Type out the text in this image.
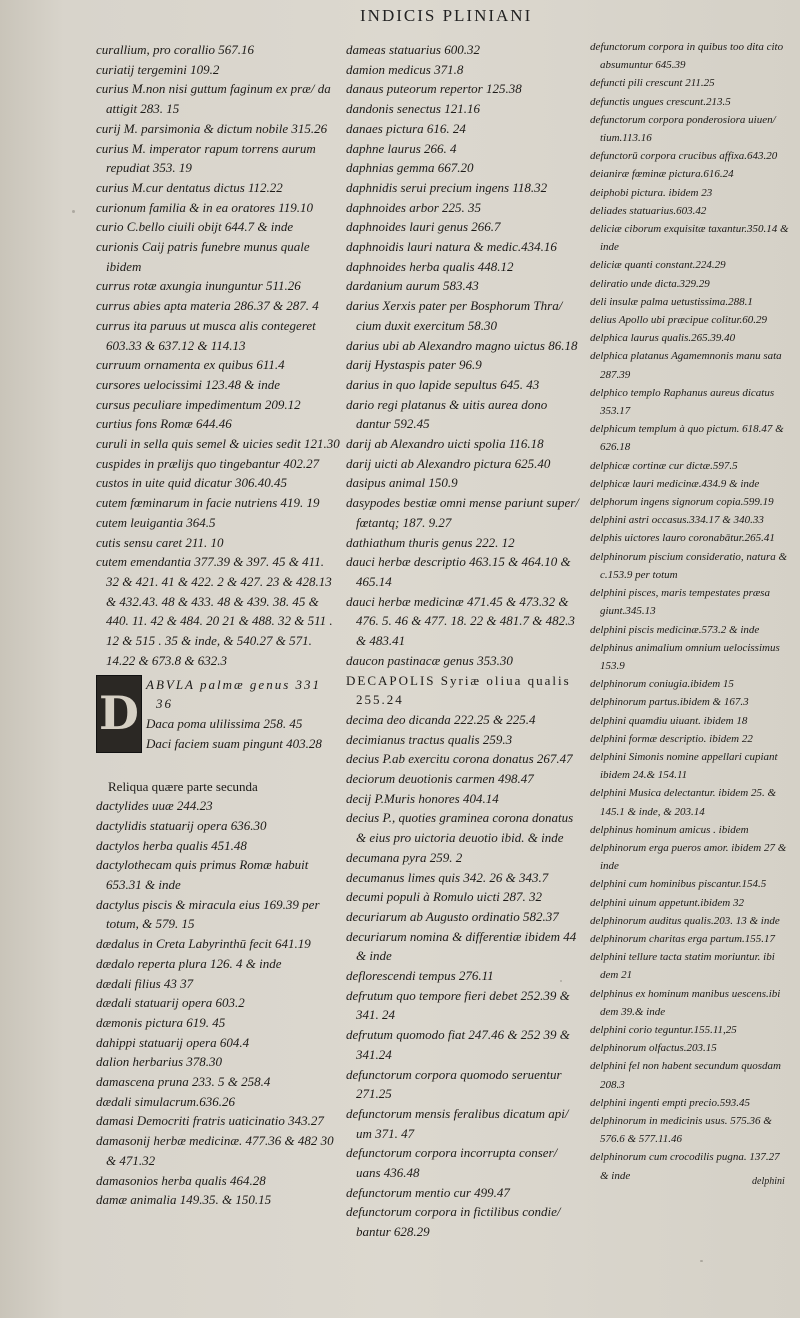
INDICIS PLINIANI
curallium, pro corallio 567.16
curiatij tergemini 109.2
curius M.non nisi guttum faginum ex præ/ da attigit 283. 15
curij M. parsimonia & dictum nobile 315.26
curius M. imperator rapum torrens aurum repudiat 353. 19
curius M.cur dentatus dictus 112.22
curionum familia & in ea oratores 119.10
curio C.bello ciuili obijt 644.7 & inde
curionis Caij patris funebre munus quale ibidem
currus rotæ axungia inunguntur 511.26
currus abies apta materia 286.37 & 287. 4
currus ita paruus ut musca alis contegeret 603.33 & 637.12 & 114.13
curruum ornamenta ex quibus 611.4
cursores uelocissimi 123.48 & inde
cursus peculiare impedimentum 209.12
curtius fons Romæ 644.46
curuli in sella quis semel & uicies sedit 121.30
cuspides in prælijs quo tingebantur 402.27
custos in uite quid dicatur 306.40.45
cutem fœminarum in facie nutriens 419. 19
cutem leuigantia 364.5
cutis sensu caret 211. 10
cutem emendantia 377.39 & 397. 45 & 411. 32 & 421. 41 & 422. 2 & 427. 23 & 428.13 & 432.43. 48 & 433. 48 & 439. 38. 45 & 440. 11. 42 & 484. 20 21 & 488. 32 & 511 . 12 & 515 . 35 & inde, & 540.27 & 571. 14.22 & 673.8 & 632.3
D
ABVLA palmæ genus 331 36
Daca poma ulilissima 258. 45
Daci faciem suam pingunt 403.28
Reliqua quære parte secunda
dactylides uuæ 244.23
dactylidis statuarij opera 636.30
dactylos herba qualis 451.48
dactylothecam quis primus Romæ habuit 653.31 & inde
dactylus piscis & miracula eius 169.39 per totum, & 579. 15
dædalus in Creta Labyrinthū fecit 641.19
dædalo reperta plura 126. 4 & inde
dædali filius 43 37
dædali statuarij opera 603.2
dæmonis pictura 619. 45
dahippi statuarij opera 604.4
dalion herbarius 378.30
damascena pruna 233. 5 & 258.4
dædali simulacrum.636.26
damasi Democriti fratris uaticinatio 343.27
damasonij herbæ medicinæ. 477.36 & 482 30 & 471.32
damasonios herba qualis 464.28
damæ animalia 149.35. & 150.15
dameas statuarius 600.32
damion medicus 371.8
danaus puteorum repertor 125.38
dandonis senectus 121.16
danaes pictura 616. 24
daphne laurus 266. 4
daphnias gemma 667.20
daphnidis serui precium ingens 118.32
daphnoides arbor 225. 35
daphnoides lauri genus 266.7
daphnoidis lauri natura & medic.434.16
daphnoides herba qualis 448.12
dardanium aurum 583.43
darius Xerxis pater per Bosphorum Thra/ cium duxit exercitum 58.30
darius ubi ab Alexandro magno uictus 86.18
darij Hystaspis pater 96.9
darius in quo lapide sepultus 645. 43
dario regi platanus & uitis aurea dono dantur 592.45
darij ab Alexandro uicti spolia 116.18
darij uicti ab Alexandro pictura 625.40
dasipus animal 150.9
dasypodes bestiæ omni mense pariunt super/ fœtantq; 187. 9.27
dathiathum thuris genus 222. 12
dauci herbæ descriptio 463.15 & 464.10 & 465.14
dauci herbæ medicinæ 471.45 & 473.32 & 476. 5. 46 & 477. 18. 22 & 481.7 & 482.3 & 483.41
daucon pastinacæ genus 353.30
DECAPOLIS Syriæ oliua qualis 255.24
decima deo dicanda 222.25 & 225.4
decimianus tractus qualis 259.3
decius P.ab exercitu corona donatus 267.47
deciorum deuotionis carmen 498.47
decij P.Muris honores 404.14
decius P., quoties graminea corona donatus & eius pro uictoria deuotio ibid. & inde
decumana pyra 259. 2
decumanus limes quis 342. 26 & 343.7
decumi populi à Romulo uicti 287. 32
decuriarum ab Augusto ordinatio 582.37
decuriarum nomina & differentiæ ibidem 44 & inde
deflorescendi tempus 276.11
defrutum quo tempore fieri debet 252.39 & 341. 24
defrutum quomodo fiat 247.46 & 252 39 & 341.24
defunctorum corpora quomodo seruentur 271.25
defunctorum mensis feralibus dicatum api/ um 371. 47
defunctorum corpora incorrupta conser/ uans 436.48
defunctorum mentio cur 499.47
defunctorum corpora in fictilibus condie/ bantur 628.29
defunctorum corpora in quibus too dita cito absumuntur 645.39
defuncti pili crescunt 211.25
defunctis ungues crescunt.213.5
defunctorum corpora ponderosiora uiuen/ tium.113.16
defunctorū corpora crucibus affixa.643.20
deianiræ fœminæ pictura.616.24
deiphobi pictura. ibidem 23
deliades statuarius.603.42
deliciæ ciborum exquisitæ taxantur.350.14 & inde
deliciæ quanti constant.224.29
deliratio unde dicta.329.29
deli insulæ palma uetustissima.288.1
delius Apollo ubi præcipue colitur.60.29
delphica laurus qualis.265.39.40
delphica platanus Agamemnonis manu sata 287.39
delphico templo Raphanus aureus dicatus 353.17
delphicum templum à quo pictum. 618.47 & 626.18
delphicæ cortinæ cur dictæ.597.5
delphicæ lauri medicinæ.434.9 & inde
delphorum ingens signorum copia.599.19
delphini astri occasus.334.17 & 340.33
delphis uictores lauro coronabātur.265.41
delphinorum piscium consideratio, natura & c.153.9 per totum
delphini pisces, maris tempestates præsa giunt.345.13
delphini piscis medicinæ.573.2 & inde
delphinus animalium omnium uelocissimus 153.9
delphinorum coniugia.ibidem 15
delphinorum partus.ibidem & 167.3
delphini quamdiu uiuant. ibidem 18
delphini formæ descriptio. ibidem 22
delphini Simonis nomine appellari cupiant ibidem 24.& 154.11
delphini Musica delectantur. ibidem 25. & 145.1 & inde, & 203.14
delphinus hominum amicus . ibidem
delphinorum erga pueros amor. ibidem 27 & inde
delphini cum hominibus piscantur.154.5
delphini uinum appetunt.ibidem 32
delphinorum auditus qualis.203. 13 & inde
delphinorum charitas erga partum.155.17
delphini tellure tacta statim moriuntur. ibi dem 21
delphinus ex hominum manibus uescens.ibi dem 39.& inde
delphini corio teguntur.155.11,25
delphinorum olfactus.203.15
delphini fel non habent secundum quosdam 208.3
delphini ingenti empti precio.593.45
delphinorum in medicinis usus. 575.36 & 576.6 & 577.11.46
delphinorum cum crocodilis pugna. 137.27 & inde	delphini
